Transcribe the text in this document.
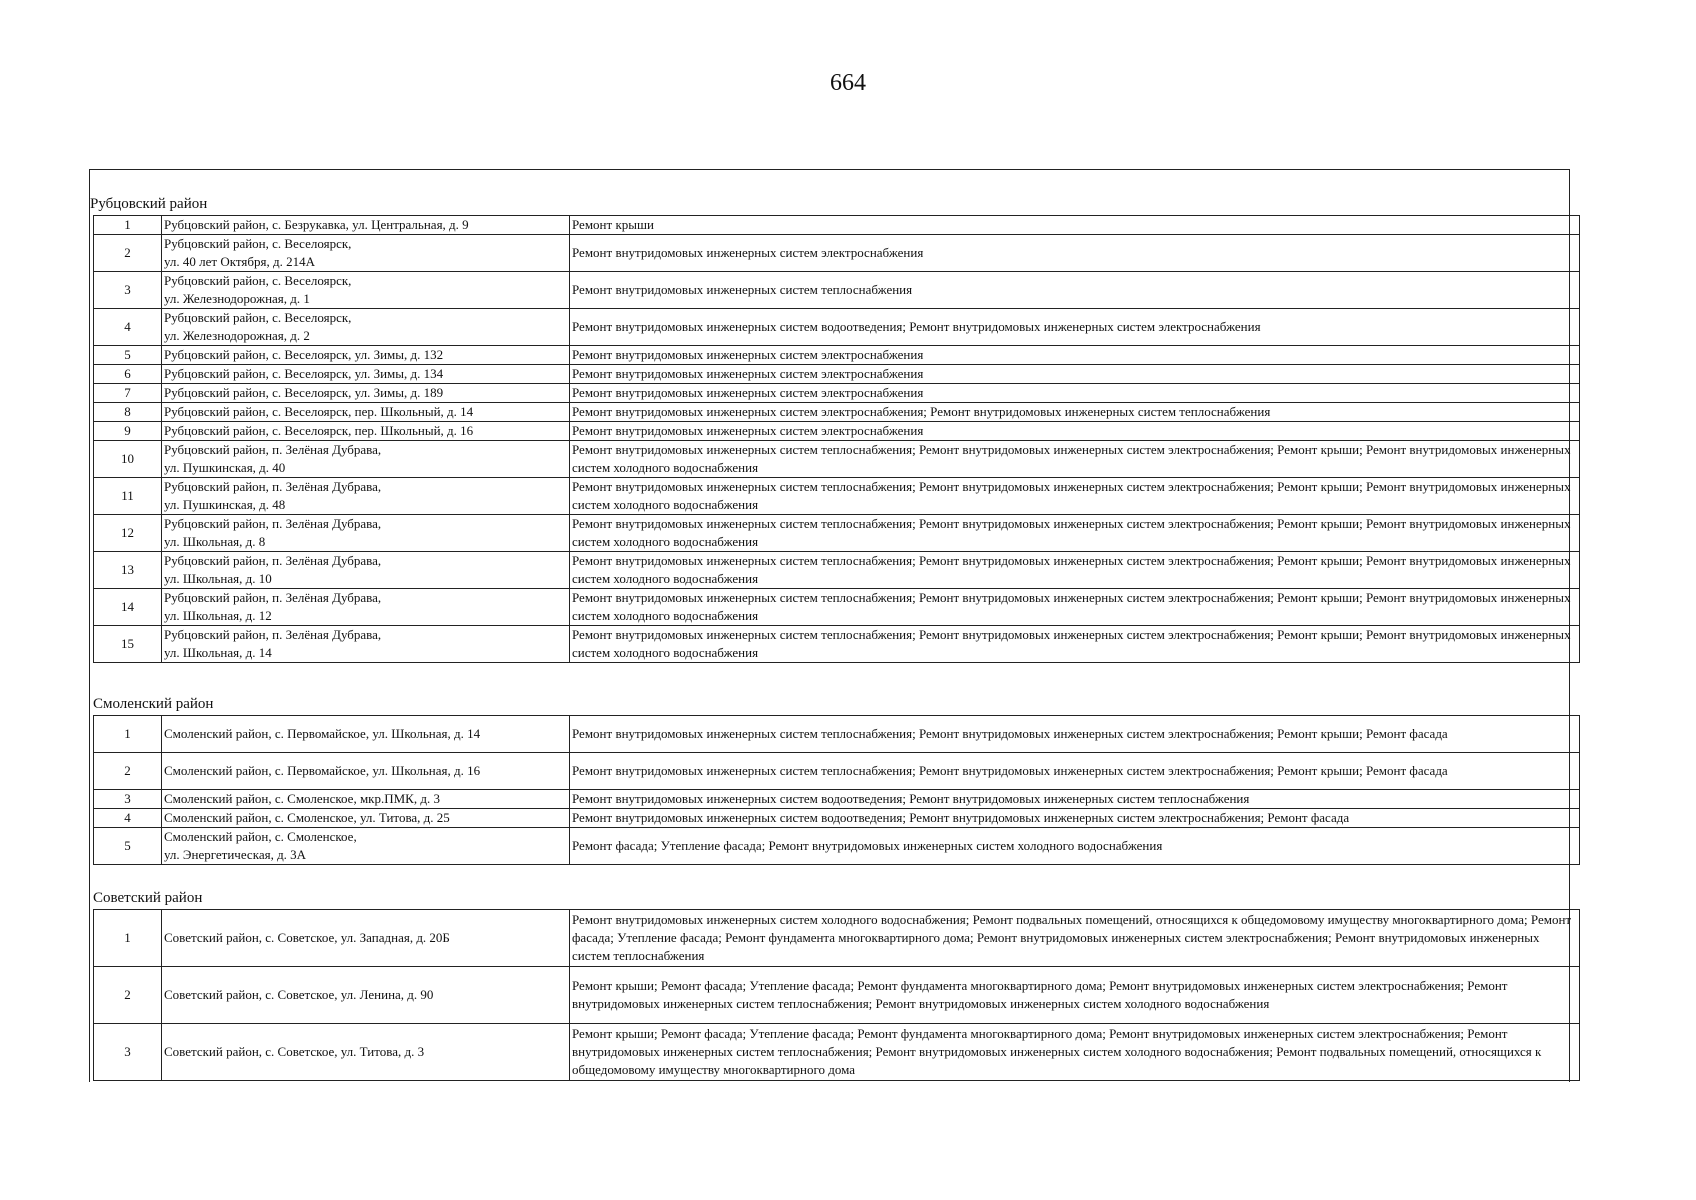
664
Рубцовский район
1	Рубцовский район, с. Безрукавка, ул. Центральная, д. 9	Ремонт крыши
2	Рубцовский район, с. Веселоярск,
ул. 40 лет Октября, д. 214А	Ремонт внутридомовых инженерных систем электроснабжения
3	Рубцовский район, с. Веселоярск,
ул. Железнодорожная, д. 1	Ремонт внутридомовых инженерных систем теплоснабжения
4	Рубцовский район, с. Веселоярск,
ул. Железнодорожная, д. 2	Ремонт внутридомовых инженерных систем водоотведения; Ремонт внутридомовых инженерных систем электроснабжения
5	Рубцовский район, с. Веселоярск, ул. Зимы, д. 132	Ремонт внутридомовых инженерных систем электроснабжения
6	Рубцовский район, с. Веселоярск, ул. Зимы, д. 134	Ремонт внутридомовых инженерных систем электроснабжения
7	Рубцовский район, с. Веселоярск, ул. Зимы, д. 189	Ремонт внутридомовых инженерных систем электроснабжения
8	Рубцовский район, с. Веселоярск, пер. Школьный, д. 14	Ремонт внутридомовых инженерных систем электроснабжения; Ремонт внутридомовых инженерных систем теплоснабжения
9	Рубцовский район, с. Веселоярск, пер. Школьный, д. 16	Ремонт внутридомовых инженерных систем электроснабжения
10	Рубцовский район, п. Зелёная Дубрава,
ул. Пушкинская, д. 40	Ремонт внутридомовых инженерных систем теплоснабжения; Ремонт внутридомовых инженерных систем электроснабжения; Ремонт крыши; Ремонт внутридомовых инженерных систем холодного водоснабжения
11	Рубцовский район, п. Зелёная Дубрава,
ул. Пушкинская, д. 48	Ремонт внутридомовых инженерных систем теплоснабжения; Ремонт внутридомовых инженерных систем электроснабжения; Ремонт крыши; Ремонт внутридомовых инженерных систем холодного водоснабжения
12	Рубцовский район, п. Зелёная Дубрава,
ул. Школьная, д. 8	Ремонт внутридомовых инженерных систем теплоснабжения; Ремонт внутридомовых инженерных систем электроснабжения; Ремонт крыши; Ремонт внутридомовых инженерных систем холодного водоснабжения
13	Рубцовский район, п. Зелёная Дубрава,
ул. Школьная, д. 10	Ремонт внутридомовых инженерных систем теплоснабжения; Ремонт внутридомовых инженерных систем электроснабжения; Ремонт крыши; Ремонт внутридомовых инженерных систем холодного водоснабжения
14	Рубцовский район, п. Зелёная Дубрава,
ул. Школьная, д. 12	Ремонт внутридомовых инженерных систем теплоснабжения; Ремонт внутридомовых инженерных систем электроснабжения; Ремонт крыши; Ремонт внутридомовых инженерных систем холодного водоснабжения
15	Рубцовский район, п. Зелёная Дубрава,
ул. Школьная, д. 14	Ремонт внутридомовых инженерных систем теплоснабжения; Ремонт внутридомовых инженерных систем электроснабжения; Ремонт крыши; Ремонт внутридомовых инженерных систем холодного водоснабжения
Смоленский район
1	Смоленский район, с. Первомайское, ул. Школьная, д. 14	Ремонт внутридомовых инженерных систем теплоснабжения; Ремонт внутридомовых инженерных систем электроснабжения; Ремонт крыши; Ремонт фасада
2	Смоленский район, с. Первомайское, ул. Школьная, д. 16	Ремонт внутридомовых инженерных систем теплоснабжения; Ремонт внутридомовых инженерных систем электроснабжения; Ремонт крыши; Ремонт фасада
3	Смоленский район, с. Смоленское, мкр.ПМК, д. 3	Ремонт внутридомовых инженерных систем водоотведения; Ремонт внутридомовых инженерных систем теплоснабжения
4	Смоленский район, с. Смоленское, ул. Титова, д. 25	Ремонт внутридомовых инженерных систем водоотведения; Ремонт внутридомовых инженерных систем электроснабжения; Ремонт фасада
5	Смоленский район, с. Смоленское,
ул. Энергетическая, д. 3А	Ремонт фасада; Утепление фасада; Ремонт внутридомовых инженерных систем холодного водоснабжения
Советский район
1	Советский район, с. Советское, ул. Западная, д. 20Б	Ремонт внутридомовых инженерных систем холодного водоснабжения; Ремонт подвальных помещений, относящихся к общедомовому имуществу многоквартирного дома; Ремонт фасада; Утепление фасада; Ремонт фундамента многоквартирного дома; Ремонт внутридомовых инженерных систем электроснабжения; Ремонт внутридомовых инженерных систем теплоснабжения
2	Советский район, с. Советское, ул. Ленина, д. 90	Ремонт крыши; Ремонт фасада; Утепление фасада; Ремонт фундамента многоквартирного дома; Ремонт внутридомовых инженерных систем электроснабжения; Ремонт внутридомовых инженерных систем теплоснабжения; Ремонт внутридомовых инженерных систем холодного водоснабжения
3	Советский район, с. Советское, ул. Титова, д. 3	Ремонт крыши; Ремонт фасада; Утепление фасада; Ремонт фундамента многоквартирного дома; Ремонт внутридомовых инженерных систем электроснабжения; Ремонт внутридомовых инженерных систем теплоснабжения; Ремонт внутридомовых инженерных систем холодного водоснабжения; Ремонт подвальных помещений, относящихся к общедомовому имуществу многоквартирного дома
